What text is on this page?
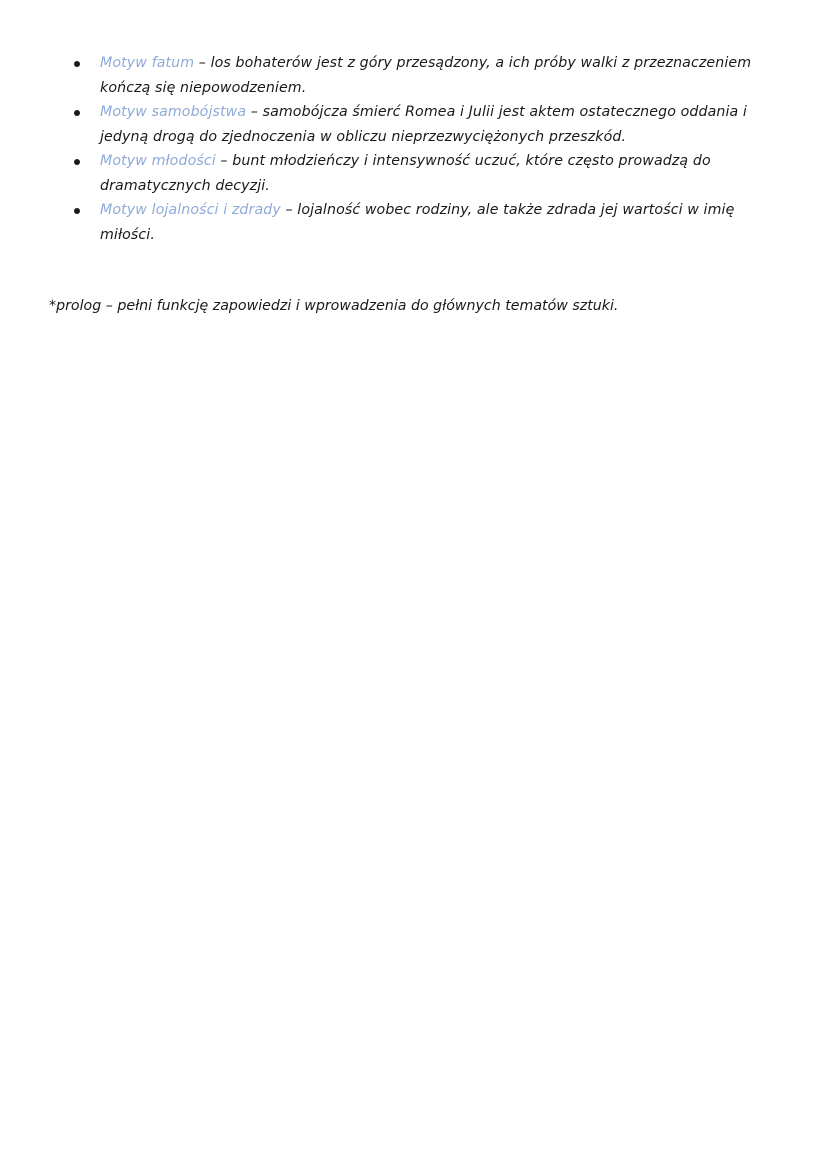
Motyw fatum – los bohaterów jest z góry przesądzony, a ich próby walki z przeznaczeniem kończą się niepowodzeniem.
Motyw samobójstwa – samobójcza śmierć Romea i Julii jest aktem ostatecznego oddania i jedyną drogą do zjednoczenia w obliczu nieprzezwyciężonych przeszkód.
Motyw młodości – bunt młodzieńczy i intensywność uczuć, które często prowadzą do dramatycznych decyzji.
Motyw lojalności i zdrady – lojalność wobec rodziny, ale także zdrada jej wartości w imię miłości.

*prolog – pełni funkcję zapowiedzi i wprowadzenia do głównych tematów sztuki.
